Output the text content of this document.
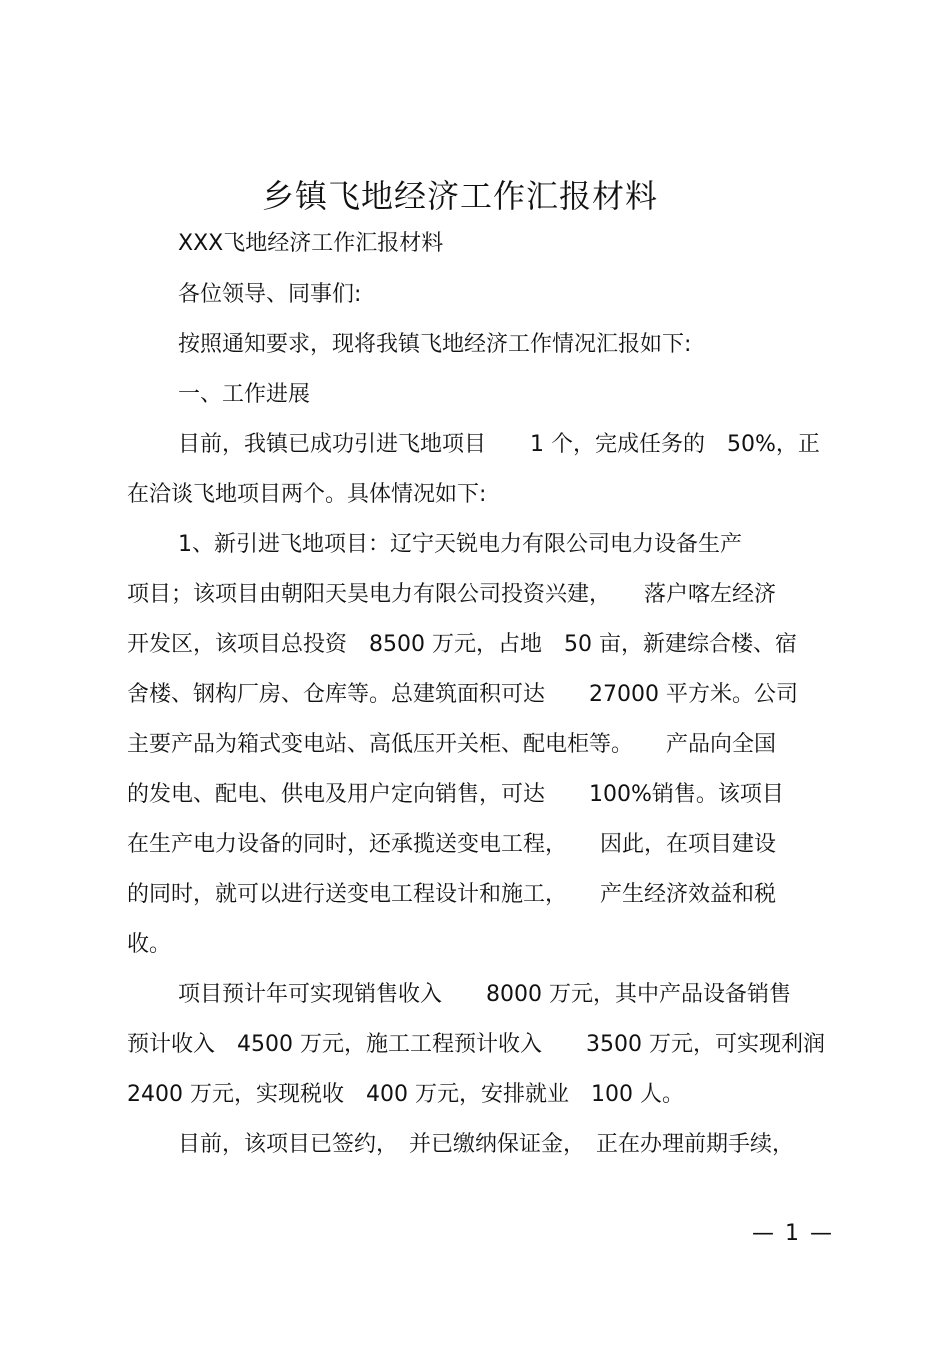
乡镇飞地经济工作汇报材料
XXX飞地经济工作汇报材料
各位领导、同事们:
按照通知要求，现将我镇飞地经济工作情况汇报如下:
一、工作进展
目前，我镇已成功引进飞地项目　　1 个，完成任务的　50%，正
在洽谈飞地项目两个。具体情况如下:
1、新引进飞地项目：辽宁天锐电力有限公司电力设备生产
项目；该项目由朝阳天昊电力有限公司投资兴建，　　落户喀左经济
开发区，该项目总投资　8500 万元，占地　50 亩，新建综合楼、宿
舍楼、钢构厂房、仓库等。总建筑面积可达　　27000 平方米。公司
主要产品为箱式变电站、高低压开关柜、配电柜等。　　产品向全国
的发电、配电、供电及用户定向销售，可达　　100%销售。该项目
在生产电力设备的同时，还承揽送变电工程，　　因此，在项目建设
的同时，就可以进行送变电工程设计和施工，　　产生经济效益和税
收。
项目预计年可实现销售收入　　8000 万元，其中产品设备销售
预计收入　4500 万元，施工工程预计收入　　3500 万元，可实现利润
2400 万元，实现税收　400 万元，安排就业　100 人。
目前，该项目已签约，　并已缴纳保证金，　正在办理前期手续，
— 1 —
